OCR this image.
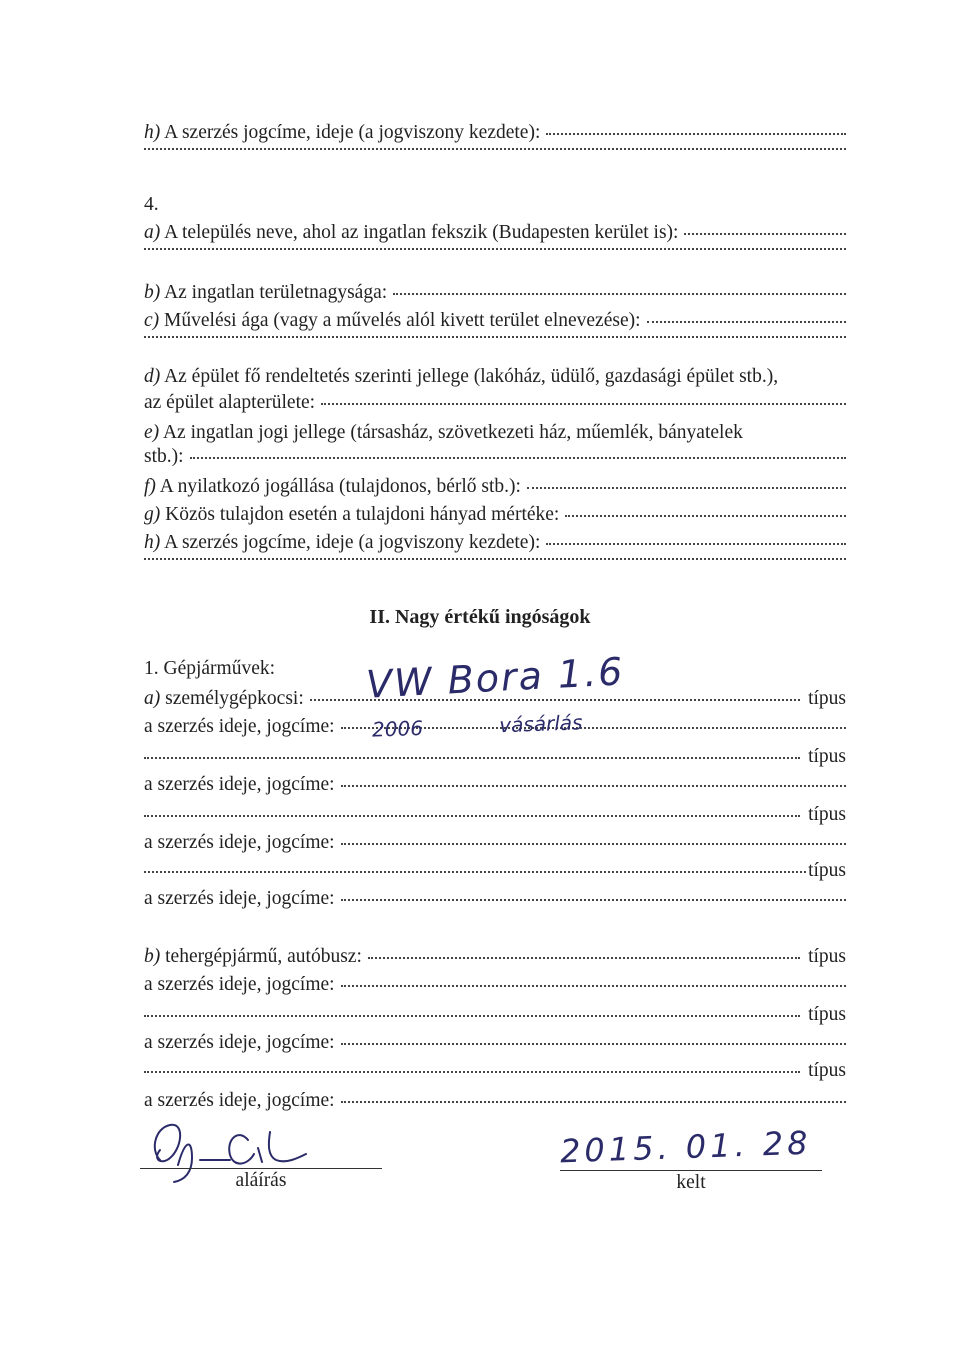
h) A szerzés jogcíme, ideje (a jogviszony kezdete):
4.
a) A település neve, ahol az ingatlan fekszik (Budapesten kerület is):
b) Az ingatlan területnagysága:
c) Művelési ága (vagy a művelés alól kivett terület elnevezése):
d) Az épület fő rendeltetés szerinti jellege (lakóház, üdülő, gazdasági épület stb.),
az épület alapterülete:
e) Az ingatlan jogi jellege (társasház, szövetkezeti ház, műemlék, bányatelek
stb.):
f) A nyilatkozó jogállása (tulajdonos, bérlő stb.):
g) Közös tulajdon esetén a tulajdoni hányad mértéke:
h) A szerzés jogcíme, ideje (a jogviszony kezdete):
II. Nagy értékű ingóságok
1. Gépjárművek:
a) személygépkocsi:	típus
a szerzés ideje, jogcíme:
típus
a szerzés ideje, jogcíme:
típus
a szerzés ideje, jogcíme:
típus
a szerzés ideje, jogcíme:
b) tehergépjármű, autóbusz:	típus
a szerzés ideje, jogcíme:
típus
a szerzés ideje, jogcíme:
típus
a szerzés ideje, jogcíme:
VW Bora 1.6
2006 vásárlás
aláírás
2015. 01. 28
kelt
